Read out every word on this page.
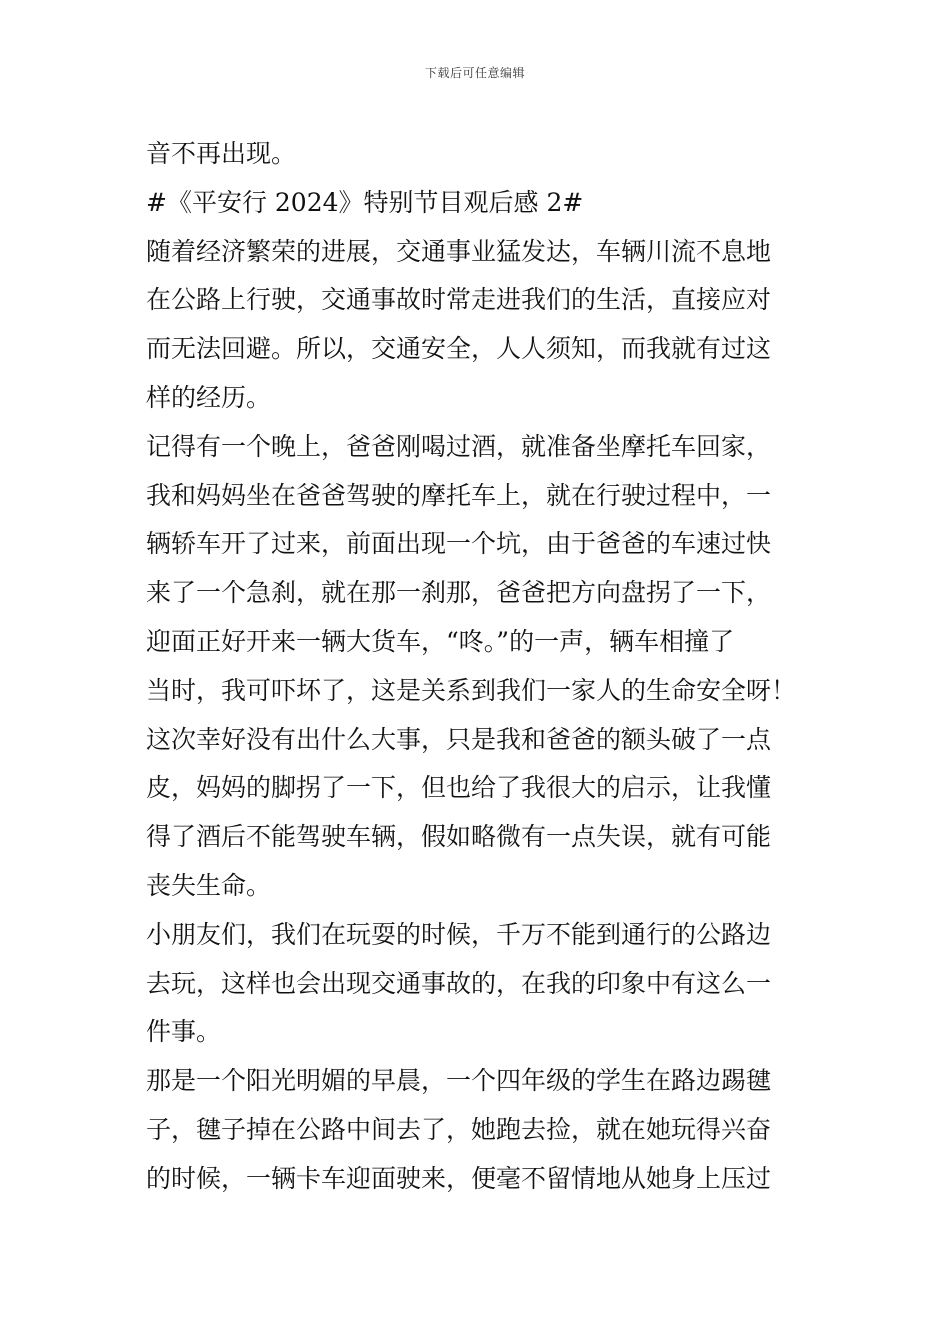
下载后可任意编辑
音不再出现。
#《平安行 2024》特别节目观后感 2#
随着经济繁荣的进展，交通事业猛发达，车辆川流不息地
在公路上行驶，交通事故时常走进我们的生活，直接应对
而无法回避。所以，交通安全，人人须知，而我就有过这
样的经历。
记得有一个晚上，爸爸刚喝过酒，就准备坐摩托车回家，
我和妈妈坐在爸爸驾驶的摩托车上，就在行驶过程中，一
辆轿车开了过来，前面出现一个坑，由于爸爸的车速过快
来了一个急刹，就在那一刹那，爸爸把方向盘拐了一下，
迎面正好开来一辆大货车，“咚。”的一声，辆车相撞了
当时，我可吓坏了，这是关系到我们一家人的生命安全呀！
这次幸好没有出什么大事，只是我和爸爸的额头破了一点
皮，妈妈的脚拐了一下，但也给了我很大的启示，让我懂
得了酒后不能驾驶车辆，假如略微有一点失误，就有可能
丧失生命。
小朋友们，我们在玩耍的时候，千万不能到通行的公路边
去玩，这样也会出现交通事故的，在我的印象中有这么一
件事。
那是一个阳光明媚的早晨，一个四年级的学生在路边踢毽
子，毽子掉在公路中间去了，她跑去捡，就在她玩得兴奋
的时候，一辆卡车迎面驶来，便毫不留情地从她身上压过
